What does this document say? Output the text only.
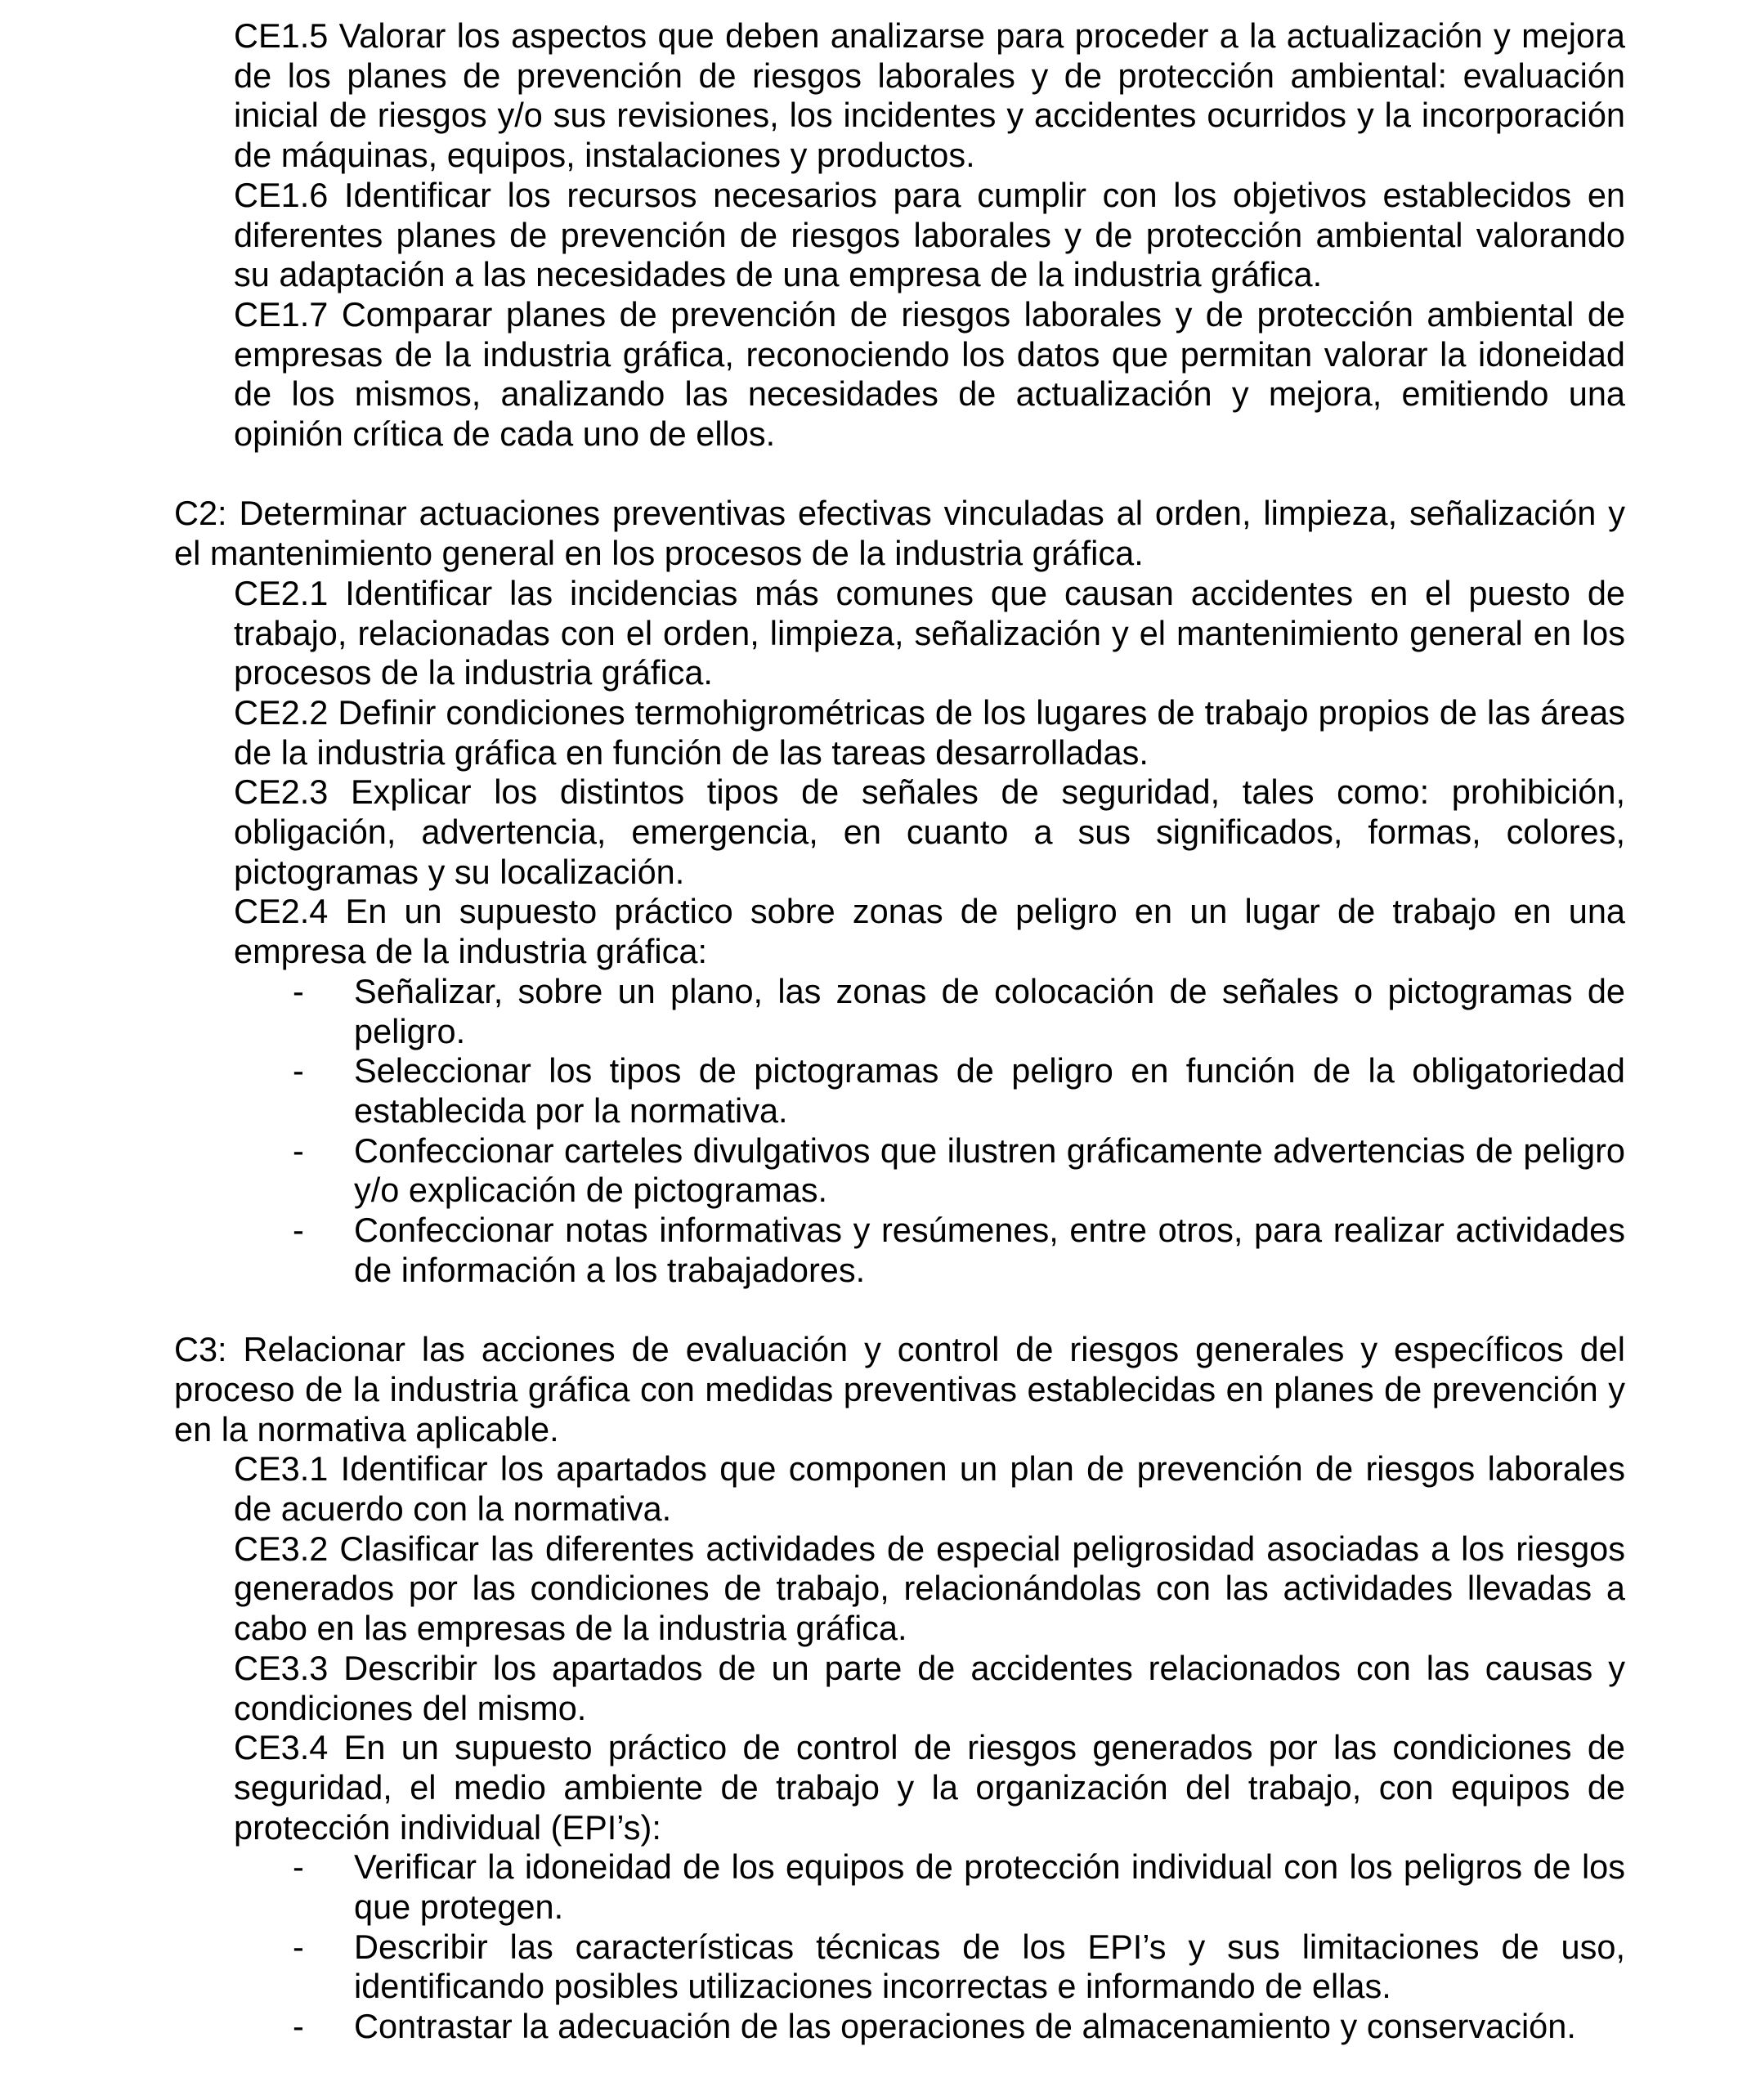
CE1.5 Valorar los aspectos que deben analizarse para proceder a la actualización y mejora de los planes de prevención de riesgos laborales y de protección ambiental: evaluación inicial de riesgos y/o sus revisiones, los incidentes y accidentes ocurridos y la incorporación de máquinas, equipos, instalaciones y productos.

CE1.6 Identificar los recursos necesarios para cumplir con los objetivos establecidos en diferentes planes de prevención de riesgos laborales y de protección ambiental valorando su adaptación a las necesidades de una empresa de la industria gráfica.

CE1.7 Comparar planes de prevención de riesgos laborales y de protección ambiental de empresas de la industria gráfica, reconociendo los datos que permitan valorar la idoneidad de los mismos, analizando las necesidades de actualización y mejora, emitiendo una opinión crítica de cada uno de ellos.

C2: Determinar actuaciones preventivas efectivas vinculadas al orden, limpieza, señalización y el mantenimiento general en los procesos de la industria gráfica.

CE2.1 Identificar las incidencias más comunes que causan accidentes en el puesto de trabajo, relacionadas con el orden, limpieza, señalización y el mantenimiento general en los procesos de la industria gráfica.

CE2.2 Definir condiciones termohigrométricas de los lugares de trabajo propios de las áreas de la industria gráfica en función de las tareas desarrolladas.

CE2.3 Explicar los distintos tipos de señales de seguridad, tales como: prohibición, obligación, advertencia, emergencia, en cuanto a sus significados, formas, colores, pictogramas y su localización.

CE2.4 En un supuesto práctico sobre zonas de peligro en un lugar de trabajo en una empresa de la industria gráfica:

- Señalizar, sobre un plano, las zonas de colocación de señales o pictogramas de peligro.
- Seleccionar los tipos de pictogramas de peligro en función de la obligatoriedad establecida por la normativa.
- Confeccionar carteles divulgativos que ilustren gráficamente advertencias de peligro y/o explicación de pictogramas.
- Confeccionar notas informativas y resúmenes, entre otros, para realizar actividades de información a los trabajadores.

C3: Relacionar las acciones de evaluación y control de riesgos generales y específicos del proceso de la industria gráfica con medidas preventivas establecidas en planes de prevención y en la normativa aplicable.

CE3.1 Identificar los apartados que componen un plan de prevención de riesgos laborales de acuerdo con la normativa.

CE3.2 Clasificar las diferentes actividades de especial peligrosidad asociadas a los riesgos generados por las condiciones de trabajo, relacionándolas con las actividades llevadas a cabo en las empresas de la industria gráfica.

CE3.3 Describir los apartados de un parte de accidentes relacionados con las causas y condiciones del mismo.

CE3.4 En un supuesto práctico de control de riesgos generados por las condiciones de seguridad, el medio ambiente de trabajo y la organización del trabajo, con equipos de protección individual (EPI’s):

- Verificar la idoneidad de los equipos de protección individual con los peligros de los que protegen.
- Describir las características técnicas de los EPI’s y sus limitaciones de uso, identificando posibles utilizaciones incorrectas e informando de ellas.
- Contrastar la adecuación de las operaciones de almacenamiento y conservación.
